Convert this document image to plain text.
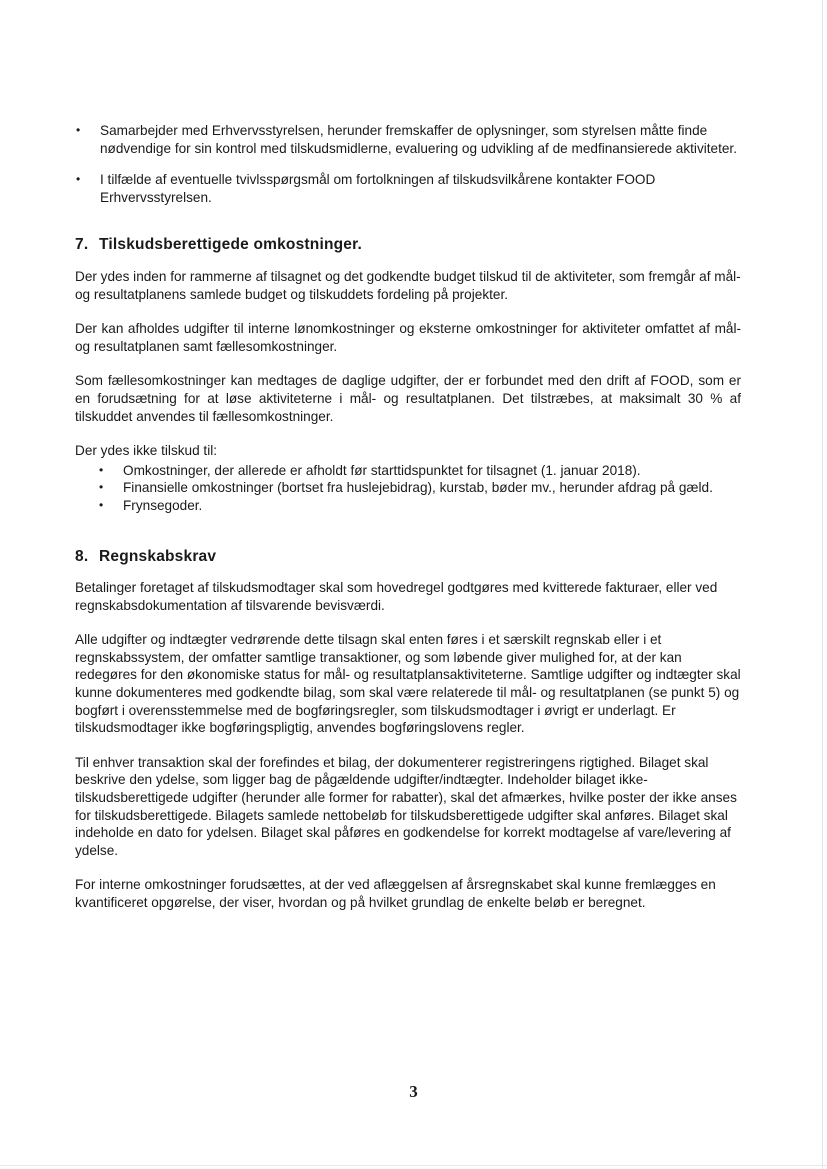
• Samarbejder med Erhvervsstyrelsen, herunder fremskaffer de oplysninger, som styrelsen måtte finde nødvendige for sin kontrol med tilskudsmidlerne, evaluering og udvikling af de medfinansierede aktiviteter.
• I tilfælde af eventuelle tvivlsspørgsmål om fortolkningen af tilskudsvilkårene kontakter FOOD Erhvervsstyrelsen.
7. Tilskudsberettigede omkostninger.

Der ydes inden for rammerne af tilsagnet og det godkendte budget tilskud til de aktiviteter, som fremgår af mål- og resultatplanens samlede budget og tilskuddets fordeling på projekter.

Der kan afholdes udgifter til interne lønomkostninger og eksterne omkostninger for aktiviteter omfattet af mål- og resultatplanen samt fællesomkostninger.

Som fællesomkostninger kan medtages de daglige udgifter, der er forbundet med den drift af FOOD, som er en forudsætning for at løse aktiviteterne i mål- og resultatplanen. Det tilstræbes, at maksimalt 30 % af tilskuddet anvendes til fællesomkostninger.

Der ydes ikke tilskud til:

• Omkostninger, der allerede er afholdt før starttidspunktet for tilsagnet (1. januar 2018).
• Finansielle omkostninger (bortset fra huslejebidrag), kurstab, bøder mv., herunder afdrag på gæld.
• Frynsegoder.
8. Regnskabskrav

Betalinger foretaget af tilskudsmodtager skal som hovedregel godtgøres med kvitterede fakturaer, eller ved regnskabsdokumentation af tilsvarende bevisværdi.

Alle udgifter og indtægter vedrørende dette tilsagn skal enten føres i et særskilt regnskab eller i et regnskabssystem, der omfatter samtlige transaktioner, og som løbende giver mulighed for, at der kan redegøres for den økonomiske status for mål- og resultatplansaktiviteterne. Samtlige udgifter og indtægter skal kunne dokumenteres med godkendte bilag, som skal være relaterede til mål- og resultatplanen (se punkt 5) og bogført i overensstemmelse med de bogføringsregler, som tilskudsmodtager i øvrigt er underlagt. Er tilskudsmodtager ikke bogføringspligtig, anvendes bogføringslovens regler.

Til enhver transaktion skal der forefindes et bilag, der dokumenterer registreringens rigtighed. Bilaget skal beskrive den ydelse, som ligger bag de pågældende udgifter/indtægter. Indeholder bilaget ikke-tilskudsberettigede udgifter (herunder alle former for rabatter), skal det afmærkes, hvilke poster der ikke anses for tilskudsberettigede. Bilagets samlede nettobeløb for tilskudsberettigede udgifter skal anføres. Bilaget skal indeholde en dato for ydelsen. Bilaget skal påføres en godkendelse for korrekt modtagelse af vare/levering af ydelse.

For interne omkostninger forudsættes, at der ved aflæggelsen af årsregnskabet skal kunne fremlægges en kvantificeret opgørelse, der viser, hvordan og på hvilket grundlag de enkelte beløb er beregnet.

3
